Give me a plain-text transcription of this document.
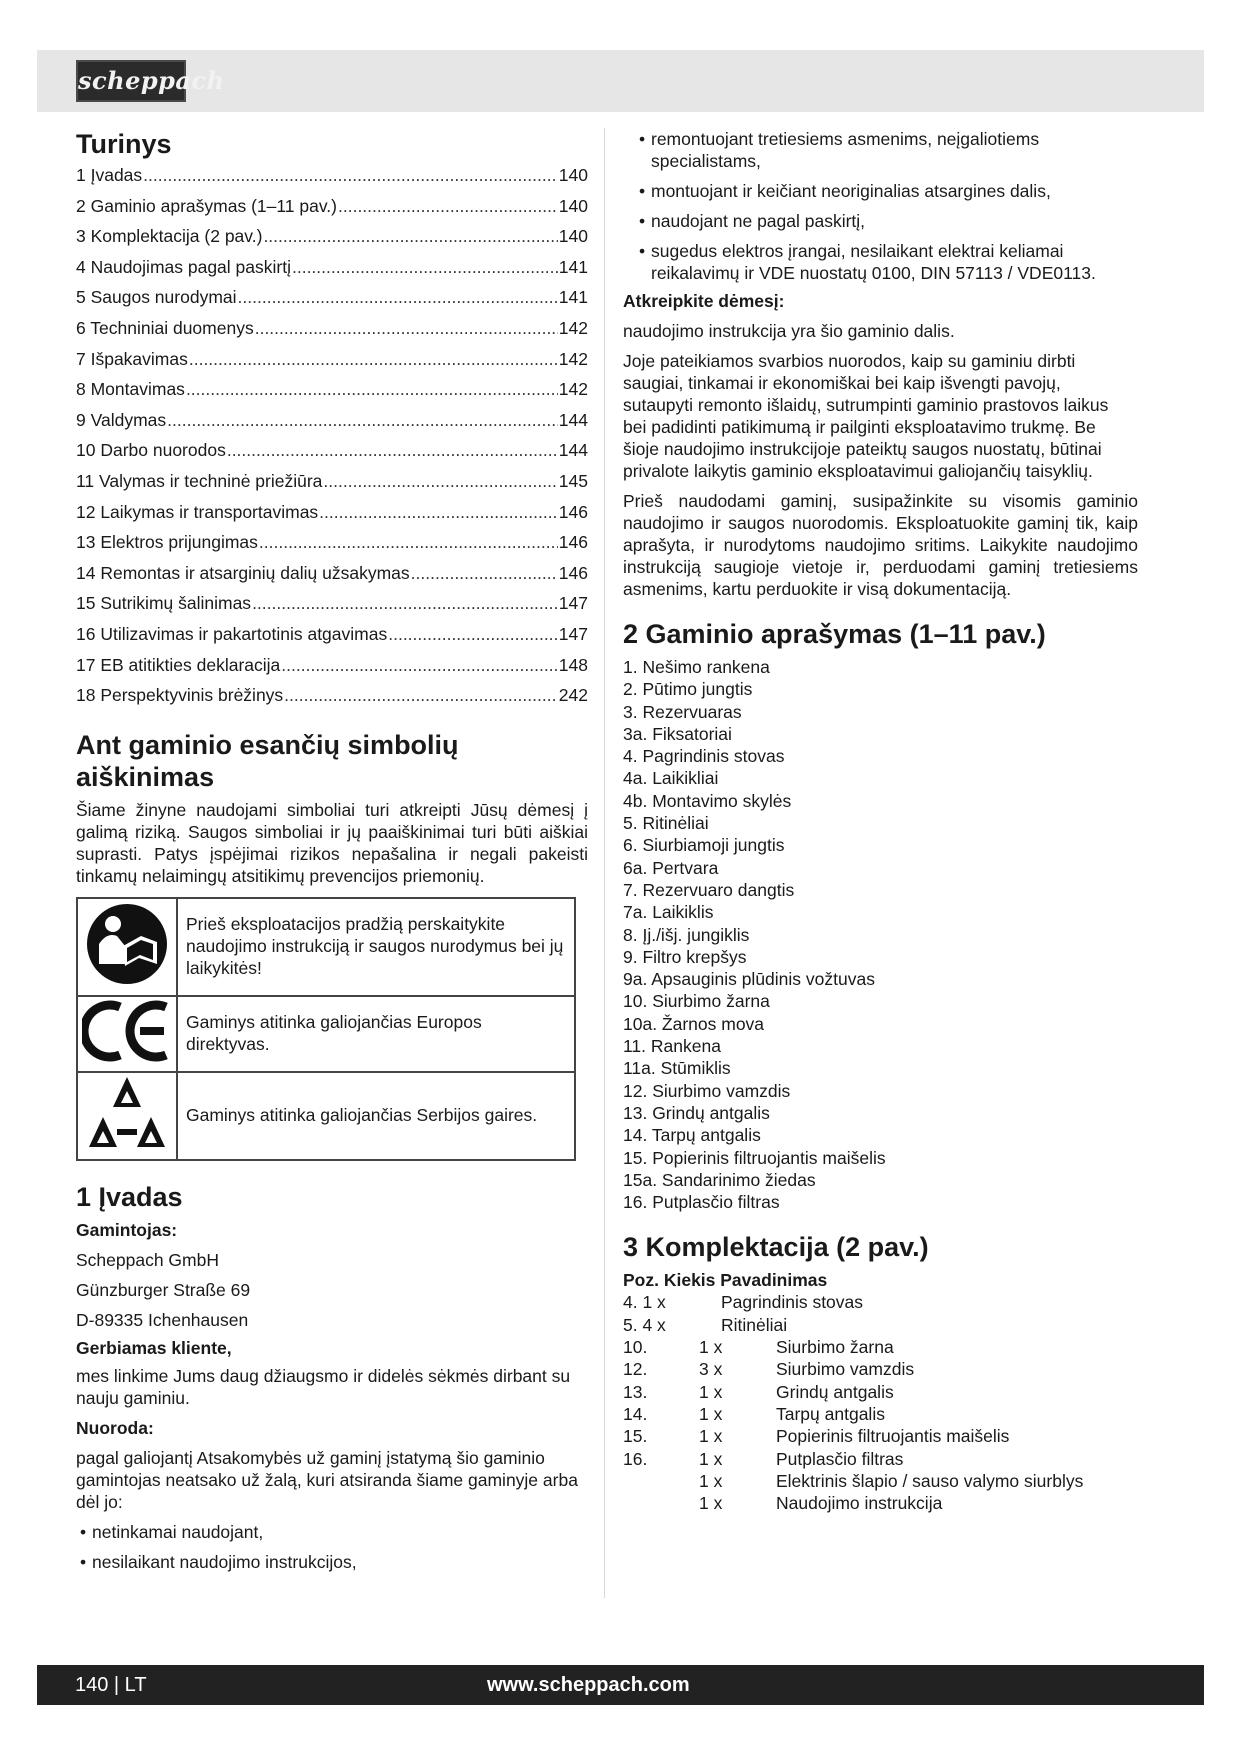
scheppach
Turinys
1 Įvadas .....	140
2 Gaminio aprašymas (1–11 pav.) .....	140
3 Komplektacija (2 pav.) .....	140
4 Naudojimas pagal paskirtį .....	141
5 Saugos nurodymai .....	141
6 Techniniai duomenys .....	142
7 Išpakavimas .....	142
8 Montavimas .....	142
9 Valdymas .....	144
10 Darbo nuorodos .....	144
11 Valymas ir techninė priežiūra .....	145
12 Laikymas ir transportavimas .....	146
13 Elektros prijungimas .....	146
14 Remontas ir atsarginių dalių užsakymas .....	146
15 Sutrikimų šalinimas .....	147
16 Utilizavimas ir pakartotinis atgavimas .....	147
17 EB atitikties deklaracija .....	148
18 Perspektyvinis brėžinys .....	242
Ant gaminio esančių simbolių aiškinimas
Šiame žinyne naudojami simboliai turi atkreipti Jūsų dėmesį į galimą riziką. Saugos simboliai ir jų paaiškinimai turi būti aiškiai suprasti. Patys įspėjimai rizikos nepašalina ir negali pakeisti tinkamų nelaimingų atsitikimų prevencijos priemonių.
	Prieš eksploatacijos pradžią perskaitykite naudojimo instrukciją ir saugos nurodymus bei jų laikykitės!
	Gaminys atitinka galiojančias Europos direktyvas.
	Gaminys atitinka galiojančias Serbijos gaires.
1 Įvadas
Gamintojas:
Scheppach GmbH
Günzburger Straße 69
D-89335 Ichenhausen
Gerbiamas kliente,
mes linkime Jums daug džiaugsmo ir didelės sėkmės dirbant su nauju gaminiu.
Nuoroda:
pagal galiojantį Atsakomybės už gaminį įstatymą šio gaminio gamintojas neatsako už žalą, kuri atsiranda šiame gaminyje arba dėl jo:
• netinkamai naudojant,
• nesilaikant naudojimo instrukcijos,
• remontuojant tretiesiems asmenims, neįgaliotiems specialistams,
• montuojant ir keičiant neoriginalias atsargines dalis,
• naudojant ne pagal paskirtį,
• sugedus elektros įrangai, nesilaikant elektrai keliamai reikalavimų ir VDE nuostatų 0100, DIN 57113 / VDE0113.
Atkreipkite dėmesį:
naudojimo instrukcija yra šio gaminio dalis.
Joje pateikiamos svarbios nuorodos, kaip su gaminiu dirbti saugiai, tinkamai ir ekonomiškai bei kaip išvengti pavojų, sutaupyti remonto išlaidų, sutrumpinti gaminio prastovos laikus bei padidinti patikimumą ir pailginti eksploatavimo trukmę. Be šioje naudojimo instrukcijoje pateiktų saugos nuostatų, būtinai privalote laikytis gaminio eksploatavimui galiojančių taisyklių.
Prieš naudodami gaminį, susipažinkite su visomis gaminio naudojimo ir saugos nuorodomis. Eksploatuokite gaminį tik, kaip aprašyta, ir nurodytoms naudojimo sritims. Laikykite naudojimo instrukciją saugioje vietoje ir, perduodami gaminį tretiesiems asmenims, kartu perduokite ir visą dokumentaciją.
2 Gaminio aprašymas (1–11 pav.)
1. Nešimo rankena
2. Pūtimo jungtis
3. Rezervuaras
3a. Fiksatoriai
4. Pagrindinis stovas
4a. Laikikliai
4b. Montavimo skylės
5. Ritinėliai
6. Siurbiamoji jungtis
6a. Pertvara
7. Rezervuaro dangtis
7a. Laikiklis
8. Įj./išj. jungiklis
9. Filtro krepšys
9a. Apsauginis plūdinis vožtuvas
10. Siurbimo žarna
10a. Žarnos mova
11. Rankena
11a. Stūmiklis
12. Siurbimo vamzdis
13. Grindų antgalis
14. Tarpų antgalis
15. Popierinis filtruojantis maišelis
15a. Sandarinimo žiedas
16. Putplasčio filtras
3 Komplektacija (2 pav.)
Poz. Kiekis Pavadinimas
4. 1 x	Pagrindinis stovas
5. 4 x	Ritinėliai
10.	1 x	Siurbimo žarna
12.	3 x	Siurbimo vamzdis
13.	1 x	Grindų antgalis
14.	1 x	Tarpų antgalis
15.	1 x	Popierinis filtruojantis maišelis
16.	1 x	Putplasčio filtras
1 x	Elektrinis šlapio / sauso valymo siurblys
1 x	Naudojimo instrukcija
140 | LT	www.scheppach.com
